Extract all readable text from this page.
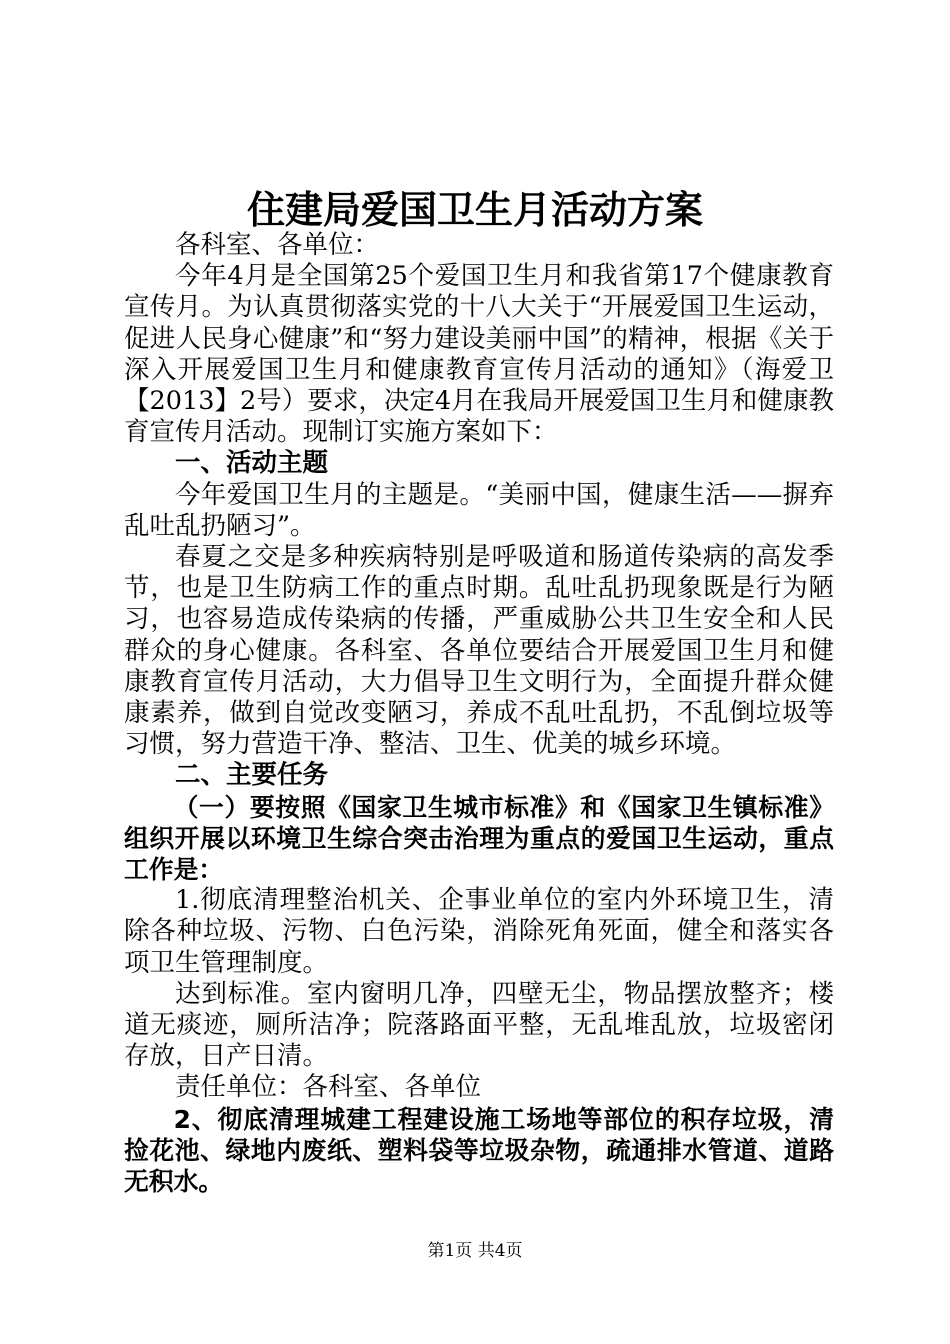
住建局爱国卫生月活动方案

各科室、各单位：

今年4月是全国第25个爱国卫生月和我省第17个健康教育宣传月。为认真贯彻落实党的十八大关于“开展爱国卫生运动，促进人民身心健康”和“努力建设美丽中国”的精神，根据《关于深入开展爱国卫生月和健康教育宣传月活动的通知》（海爱卫【2013】2号）要求，决定4月在我局开展爱国卫生月和健康教育宣传月活动。现制订实施方案如下：

一、活动主题

今年爱国卫生月的主题是。“美丽中国，健康生活——摒弃乱吐乱扔陋习”。

春夏之交是多种疾病特别是呼吸道和肠道传染病的高发季节，也是卫生防病工作的重点时期。乱吐乱扔现象既是行为陋习，也容易造成传染病的传播，严重威胁公共卫生安全和人民群众的身心健康。各科室、各单位要结合开展爱国卫生月和健康教育宣传月活动，大力倡导卫生文明行为，全面提升群众健康素养，做到自觉改变陋习，养成不乱吐乱扔，不乱倒垃圾等习惯，努力营造干净、整洁、卫生、优美的城乡环境。

二、主要任务

（一）要按照《国家卫生城市标准》和《国家卫生镇标准》组织开展以环境卫生综合突击治理为重点的爱国卫生运动，重点工作是：

1.彻底清理整治机关、企事业单位的室内外环境卫生，清除各种垃圾、污物、白色污染，消除死角死面，健全和落实各项卫生管理制度。

达到标准。室内窗明几净，四壁无尘，物品摆放整齐；楼道无痰迹，厕所洁净；院落路面平整，无乱堆乱放，垃圾密闭存放，日产日清。

责任单位：各科室、各单位

2、彻底清理城建工程建设施工场地等部位的积存垃圾，清捡花池、绿地内废纸、塑料袋等垃圾杂物，疏通排水管道、道路无积水。

第1页 共4页
